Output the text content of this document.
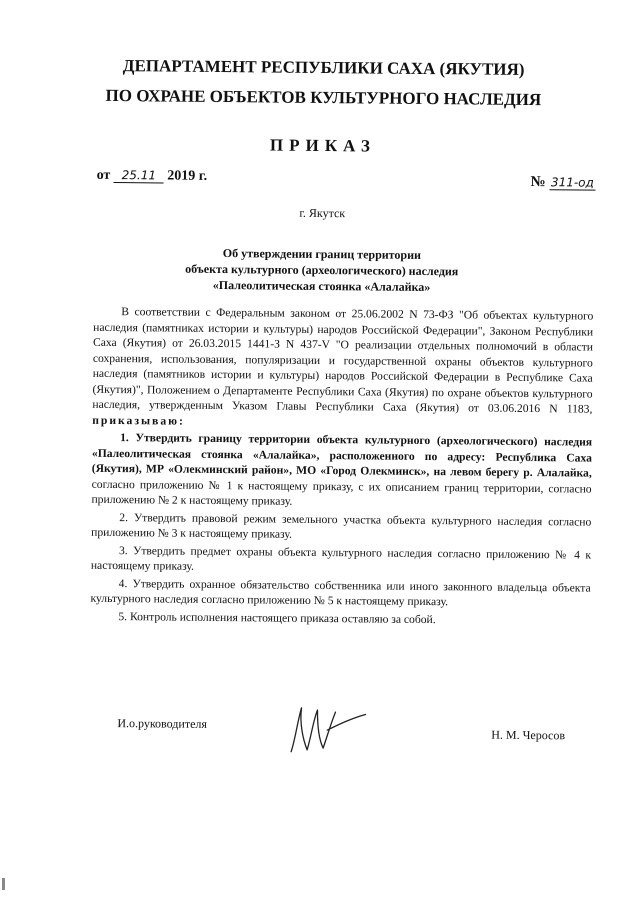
ДЕПАРТАМЕНТ РЕСПУБЛИКИ САХА (ЯКУТИЯ)
ПО ОХРАНЕ ОБЪЕКТОВ КУЛЬТУРНОГО НАСЛЕДИЯ
ПРИКАЗ
от 25.11 2019 г.	№ 311-од
г. Якутск
Об утверждении границ территории
объекта культурного (археологического) наследия
«Палеолитическая стоянка «Алалайка»

В соответствии с Федеральным законом от 25.06.2002 N 73-ФЗ "Об объектах культурного наследия (памятниках истории и культуры) народов Российской Федерации", Законом Республики Саха (Якутия) от 26.03.2015 1441-З N 437-V "О реализации отдельных полномочий в области сохранения, использования, популяризации и государственной охраны объектов культурного наследия (памятников истории и культуры) народов Российской Федерации в Республике Саха (Якутия)", Положением о Департаменте Республики Саха (Якутия) по охране объектов культурного наследия, утвержденным Указом Главы Республики Саха (Якутия) от 03.06.2016 N 1183, приказываю:

1. Утвердить границу территории объекта культурного (археологического) наследия «Палеолитическая стоянка «Алалайка», расположенного по адресу: Республика Саха (Якутия), МР «Олекминский район», МО «Город Олекминск», на левом берегу р. Алалайка, согласно приложению № 1 к настоящему приказу, с их описанием границ территории, согласно приложению № 2 к настоящему приказу.

2. Утвердить правовой режим земельного участка объекта культурного наследия согласно приложению № 3 к настоящему приказу.

3. Утвердить предмет охраны объекта культурного наследия согласно приложению № 4 к настоящему приказу.

4. Утвердить охранное обязательство собственника или иного законного владельца объекта культурного наследия согласно приложению № 5 к настоящему приказу.

5. Контроль исполнения настоящего приказа оставляю за собой.

И.о.руководителя
Н. М. Черосов
